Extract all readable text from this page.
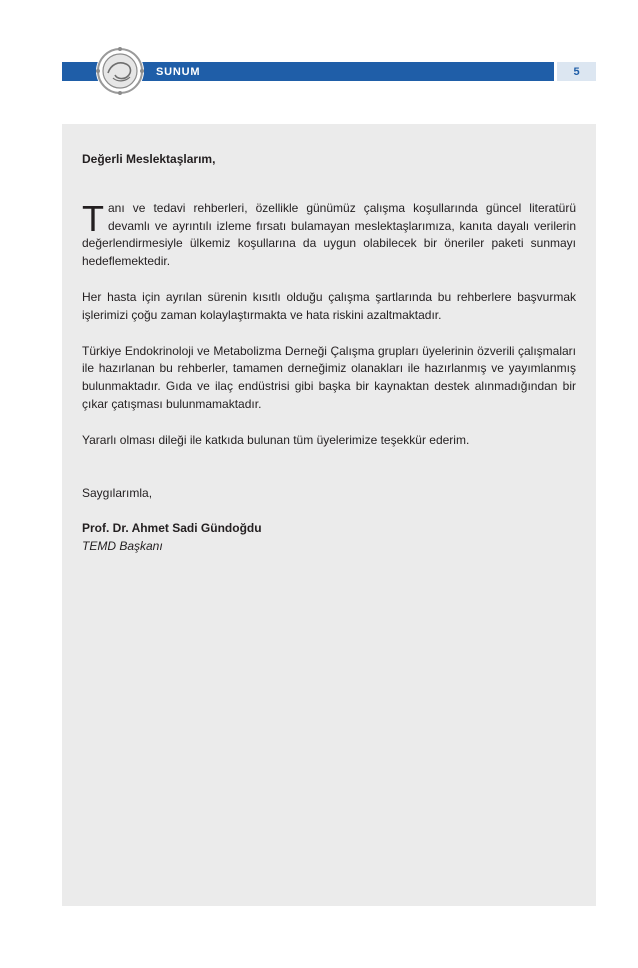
SUNUM	5

Değerli Meslektaşlarım,

Tanı ve tedavi rehberleri, özellikle günümüz çalışma koşullarında güncel literatürü devamlı ve ayrıntılı izleme fırsatı bulamayan meslektaşlarımıza, kanıta dayalı verilerin değerlendirmesiyle ülkemiz koşullarına da uygun olabilecek bir öneriler paketi sunmayı hedeflemektedir.

Her hasta için ayrılan sürenin kısıtlı olduğu çalışma şartlarında bu rehberlere başvurmak işlerimizi çoğu zaman kolaylaştırmakta ve hata riskini azaltmaktadır.

Türkiye Endokrinoloji ve Metabolizma Derneği Çalışma grupları üyelerinin özverili çalışmaları ile hazırlanan bu rehberler, tamamen derneğimiz olanakları ile hazırlanmış ve yayımlanmış bulunmaktadır. Gıda ve ilaç endüstrisi gibi başka bir kaynaktan destek alınmadığından bir çıkar çatışması bulunmamaktadır.

Yararlı olması dileği ile katkıda bulunan tüm üyelerimize teşekkür ederim.

Saygılarımla,

Prof. Dr. Ahmet Sadi Gündoğdu

TEMD Başkanı
